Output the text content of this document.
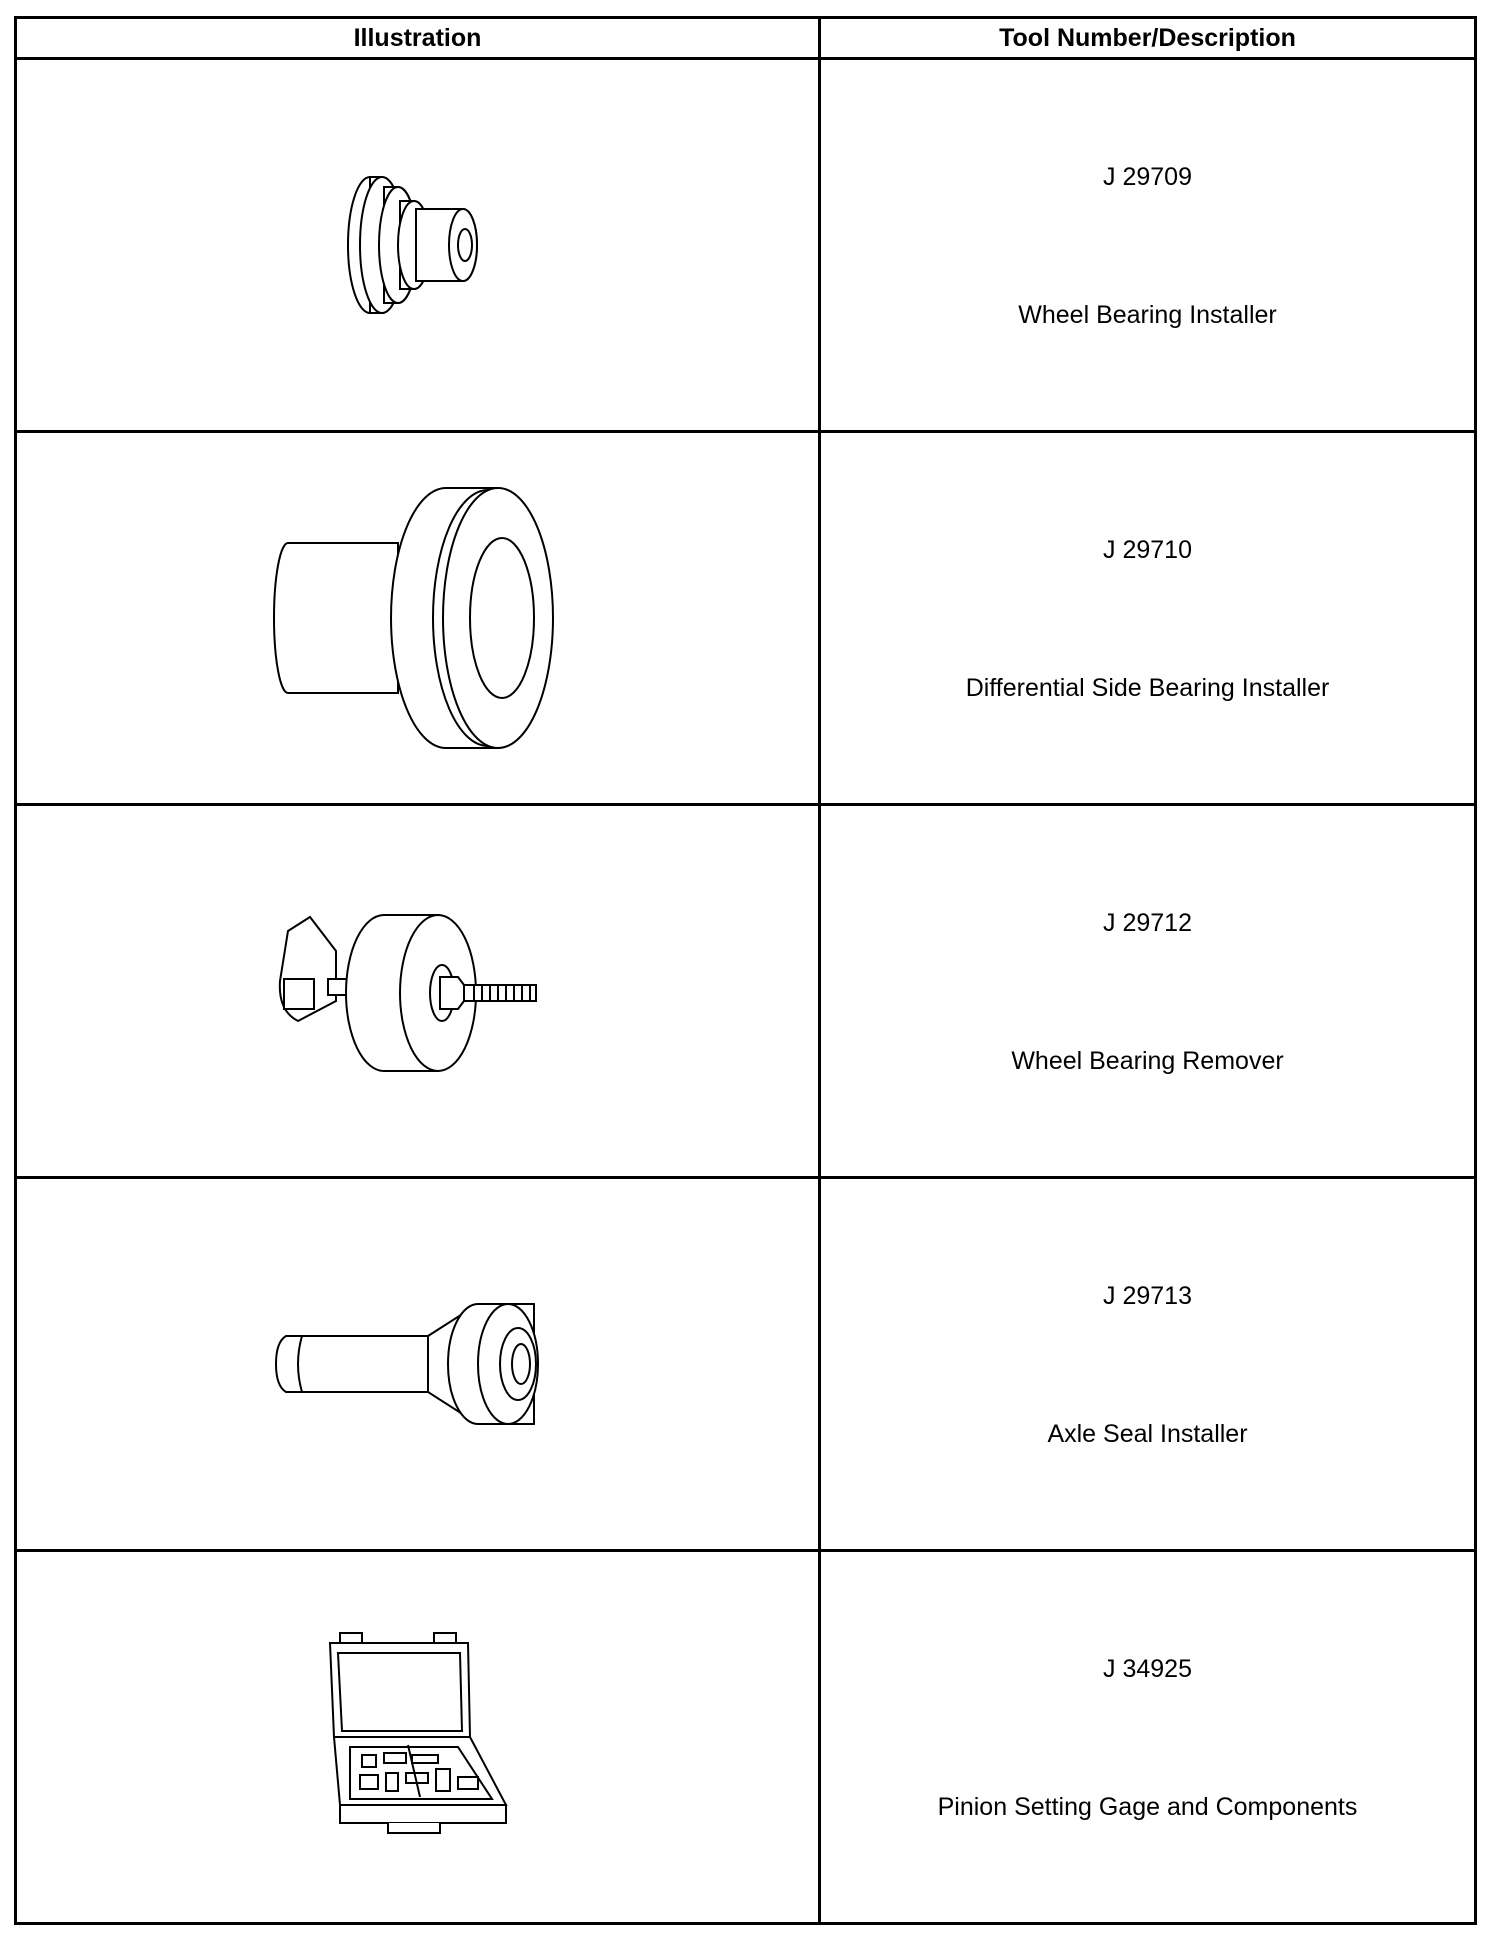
Illustration	Tool Number/Description

J 29709
Wheel Bearing Installer

J 29710
Differential Side Bearing Installer

J 29712
Wheel Bearing Remover

J 29713
Axle Seal Installer

J 34925
Pinion Setting Gage and Components
